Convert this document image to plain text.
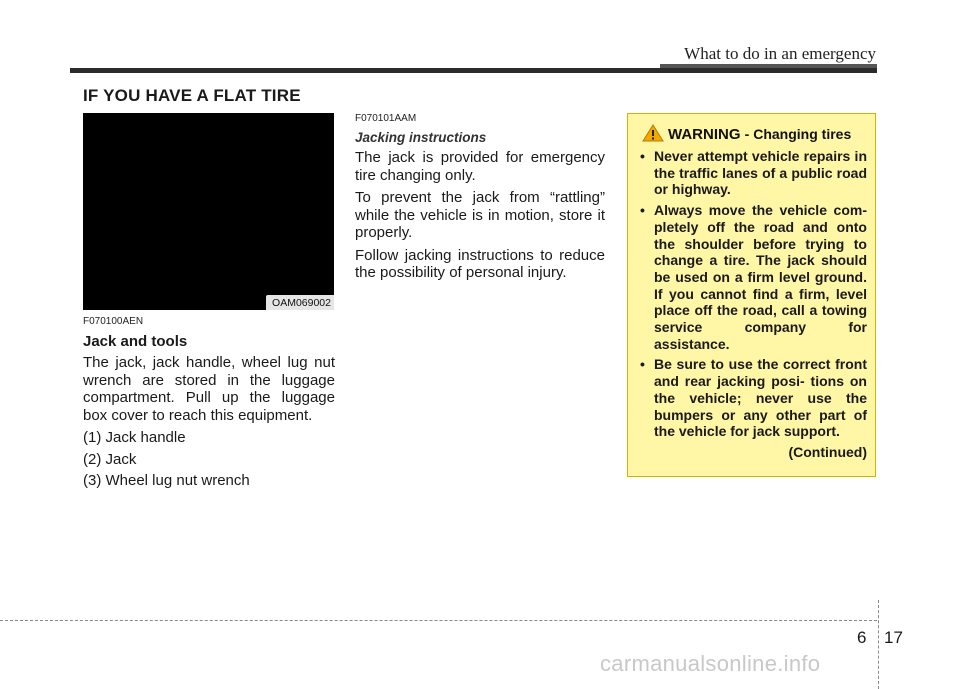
What to do in an emergency
IF YOU HAVE A FLAT TIRE
OAM069002

F070100AEN

Jack and tools

The jack, jack handle, wheel lug nut wrench are stored in the luggage compartment. Pull up the luggage box cover to reach this equipment.

(1) Jack handle

(2) Jack

(3) Wheel lug nut wrench

F070101AAM

Jacking instructions

The jack is provided for emergency tire changing only.

To prevent the jack from “rattling” while the vehicle is in motion, store it properly.

Follow jacking instructions to reduce the possibility of personal injury.

WARNING - Changing tires
• Never attempt vehicle repairs in the traffic lanes of a public road or highway.
• Always move the vehicle com- pletely off the road and onto the shoulder before trying to change a tire. The jack should be used on a firm level ground. If you cannot find a firm, level place off the road, call a towing service company for assistance.
• Be sure to use the correct front and rear jacking posi- tions on the vehicle; never use the bumpers or any other part of the vehicle for jack support.
(Continued)
6 17
carmanualsonline.info
